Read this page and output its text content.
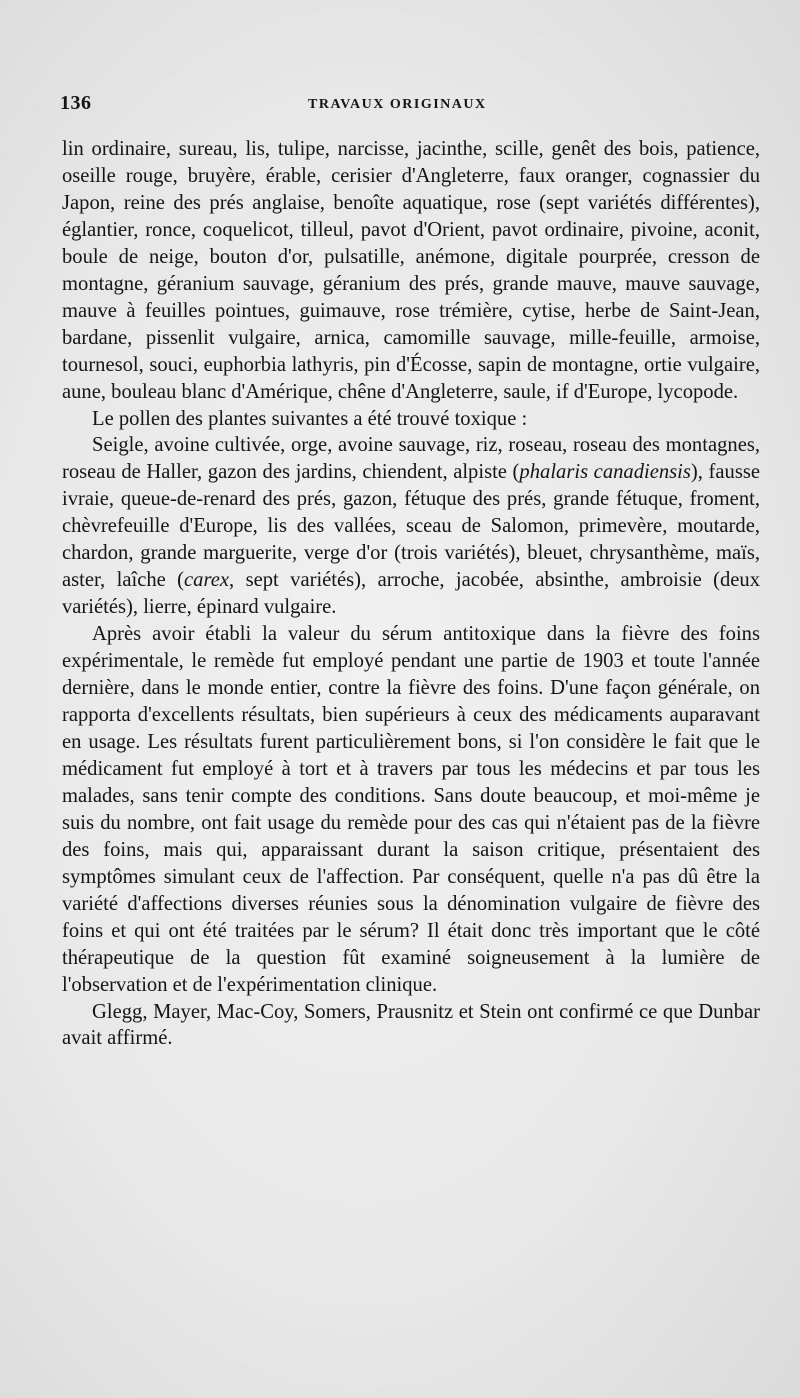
136	TRAVAUX ORIGINAUX

lin ordinaire, sureau, lis, tulipe, narcisse, jacinthe, scille, genêt des bois, patience, oseille rouge, bruyère, érable, cerisier d'Angleterre, faux oranger, cognassier du Japon, reine des prés anglaise, benoîte aquatique, rose (sept variétés différentes), églantier, ronce, coquelicot, tilleul, pavot d'Orient, pavot ordinaire, pivoine, aconit, boule de neige, bouton d'or, pulsatille, anémone, digitale pourprée, cresson de montagne, géranium sauvage, géranium des prés, grande mauve, mauve sauvage, mauve à feuilles pointues, guimauve, rose trémière, cytise, herbe de Saint-Jean, bardane, pissenlit vulgaire, arnica, camomille sauvage, mille-feuille, armoise, tournesol, souci, euphorbia lathyris, pin d'Écosse, sapin de montagne, ortie vulgaire, aune, bouleau blanc d'Amérique, chêne d'Angleterre, saule, if d'Europe, lycopode.

Le pollen des plantes suivantes a été trouvé toxique :

Seigle, avoine cultivée, orge, avoine sauvage, riz, roseau, roseau des montagnes, roseau de Haller, gazon des jardins, chiendent, alpiste (phalaris canadiensis), fausse ivraie, queue-de-renard des prés, gazon, fétuque des prés, grande fétuque, froment, chèvrefeuille d'Europe, lis des vallées, sceau de Salomon, primevère, moutarde, chardon, grande marguerite, verge d'or (trois variétés), bleuet, chrysanthème, maïs, aster, laîche (carex, sept variétés), arroche, jacobée, absinthe, ambroisie (deux variétés), lierre, épinard vulgaire.

Après avoir établi la valeur du sérum antitoxique dans la fièvre des foins expérimentale, le remède fut employé pendant une partie de 1903 et toute l'année dernière, dans le monde entier, contre la fièvre des foins. D'une façon générale, on rapporta d'excellents résultats, bien supérieurs à ceux des médicaments auparavant en usage. Les résultats furent particulièrement bons, si l'on considère le fait que le médicament fut employé à tort et à travers par tous les médecins et par tous les malades, sans tenir compte des conditions. Sans doute beaucoup, et moi-même je suis du nombre, ont fait usage du remède pour des cas qui n'étaient pas de la fièvre des foins, mais qui, apparaissant durant la saison critique, présentaient des symptômes simulant ceux de l'affection. Par conséquent, quelle n'a pas dû être la variété d'affections diverses réunies sous la dénomination vulgaire de fièvre des foins et qui ont été traitées par le sérum? Il était donc très important que le côté thérapeutique de la question fût examiné soigneusement à la lumière de l'observation et de l'expérimentation clinique.

Glegg, Mayer, Mac-Coy, Somers, Prausnitz et Stein ont confirmé ce que Dunbar avait affirmé.
